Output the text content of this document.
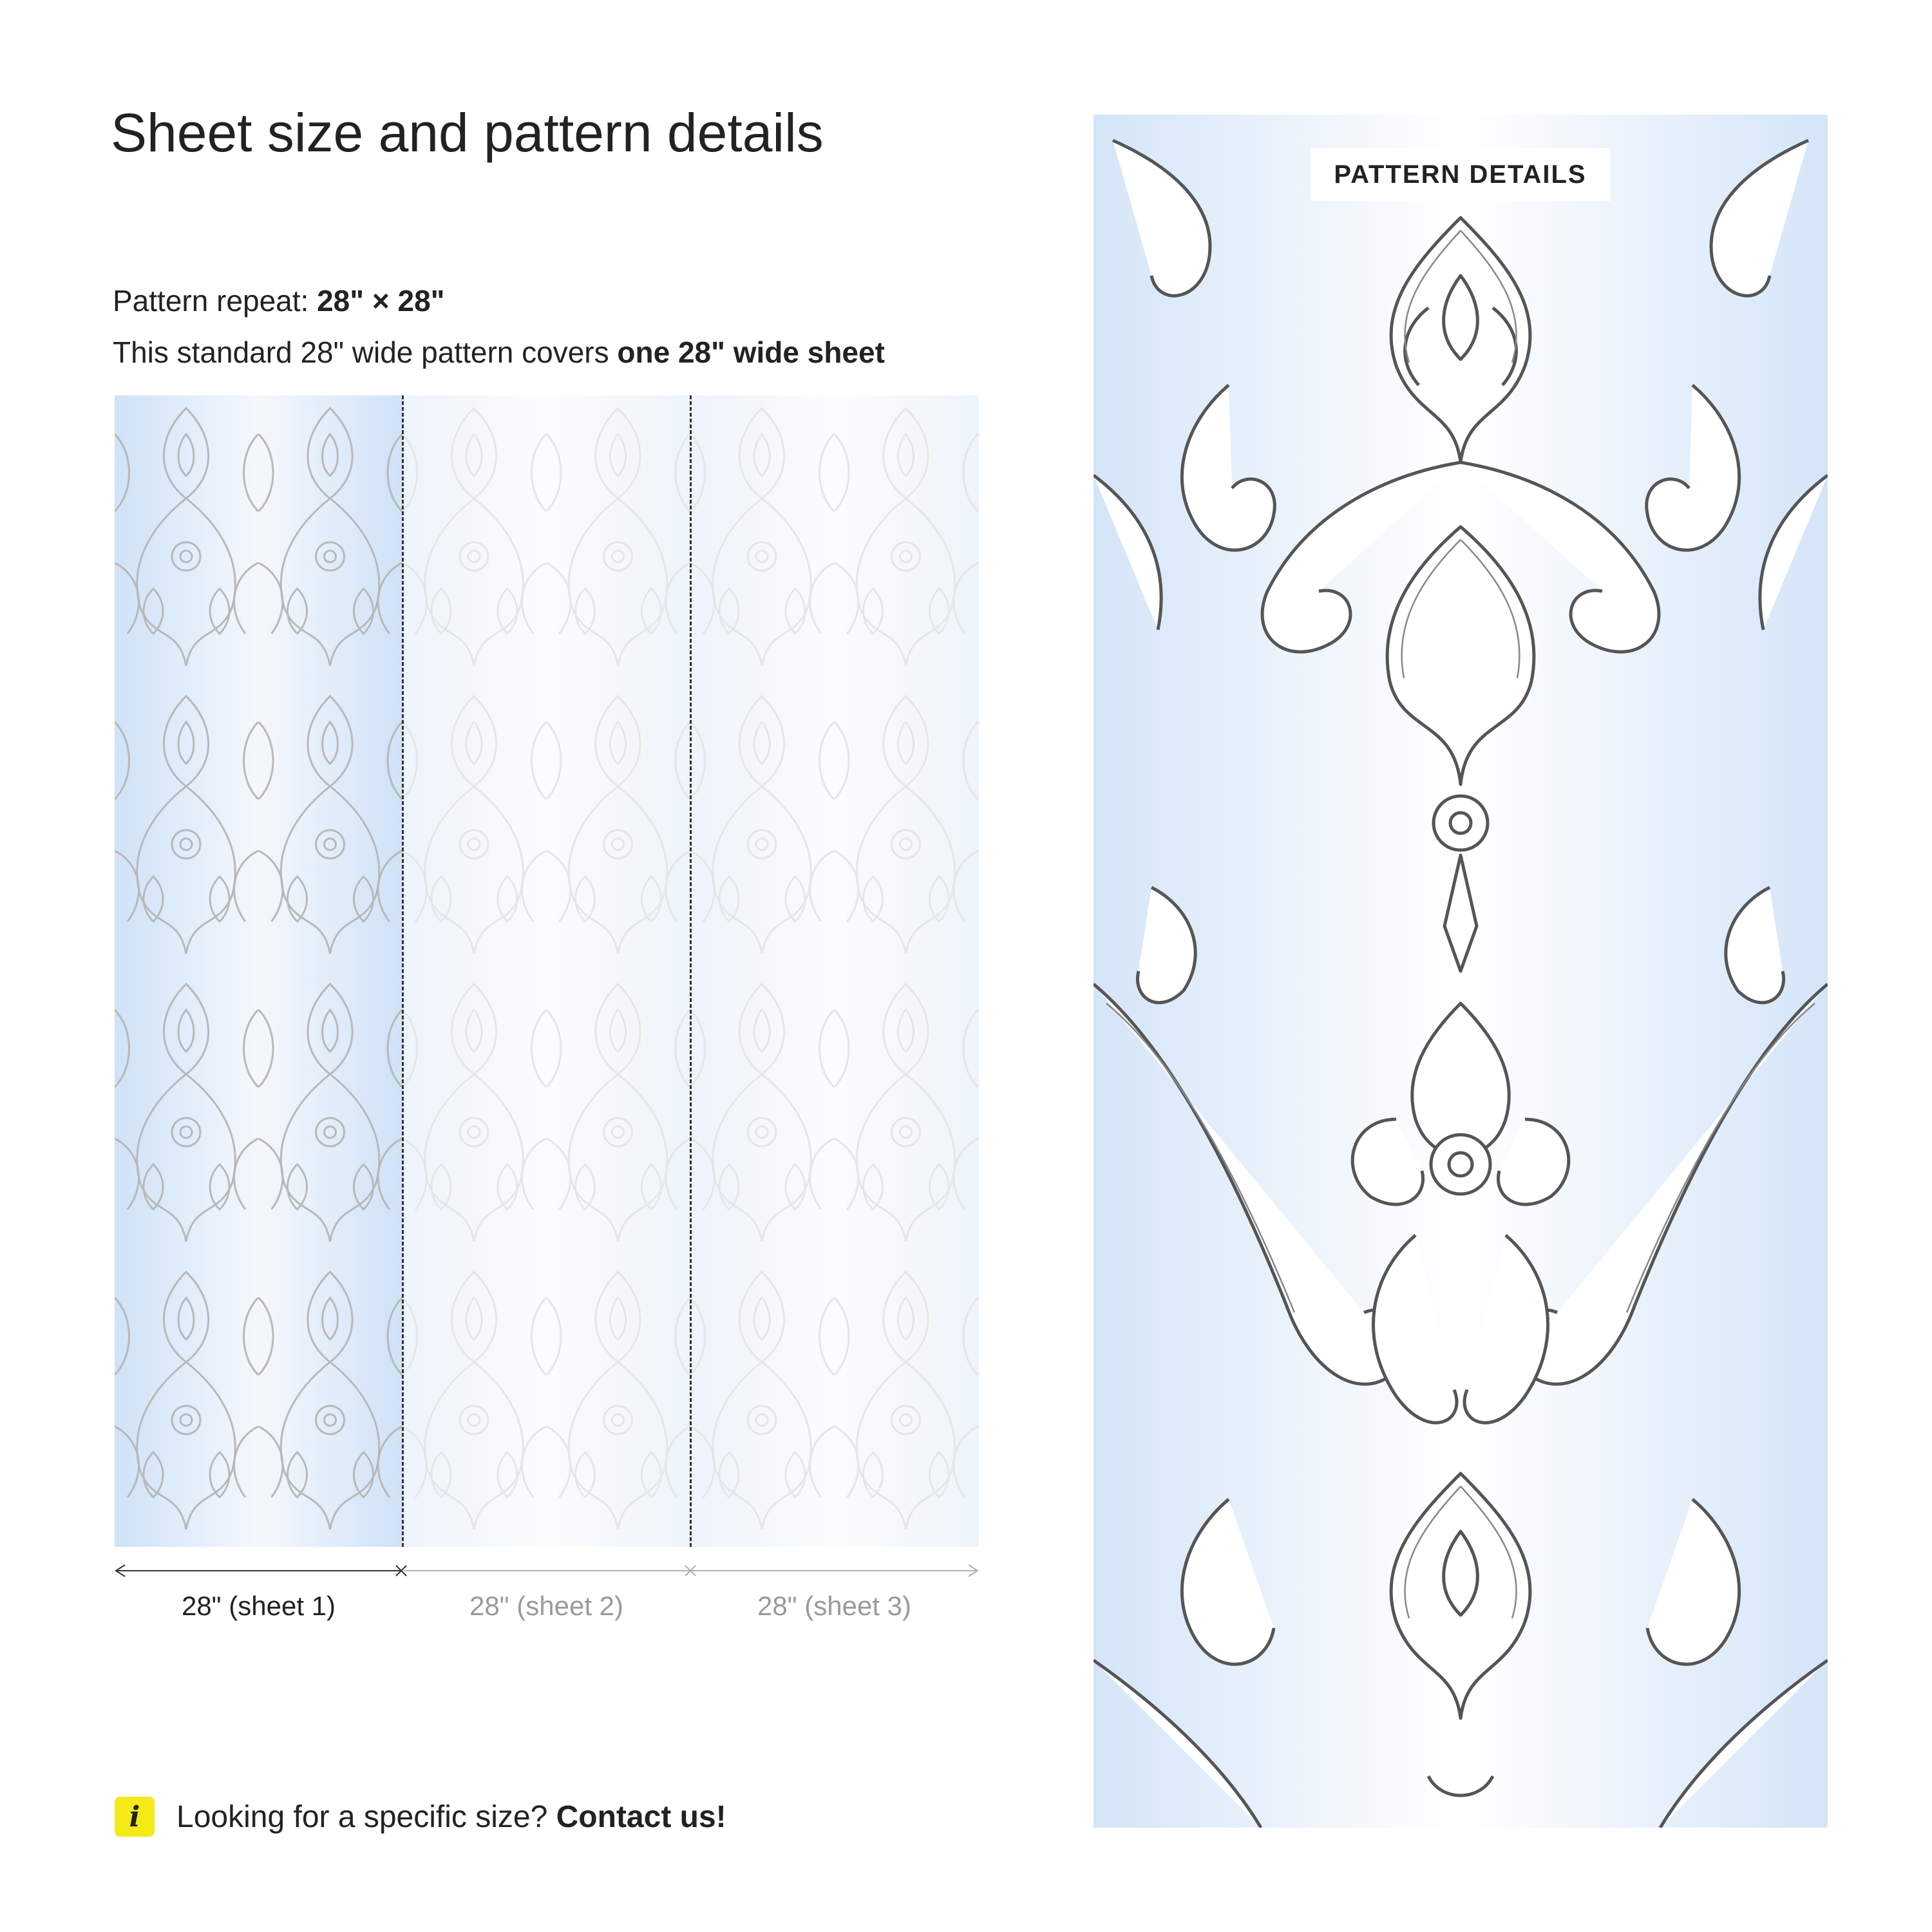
Sheet size and pattern details
Pattern repeat: 28" × 28"
This standard 28" wide pattern covers one 28" wide sheet
28" (sheet 1)	28" (sheet 2)	28" (sheet 3)
i	Looking for a specific size? Contact us!
PATTERN DETAILS
